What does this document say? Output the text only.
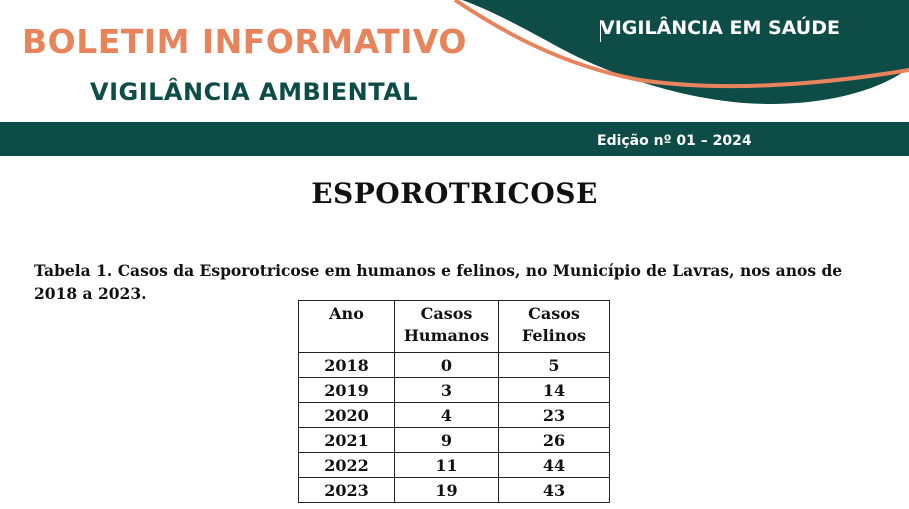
BOLETIM INFORMATIVO
VIGILÂNCIA AMBIENTAL
VIGILÂNCIA EM SAÚDE
Edição nº 01 – 2024
ESPOROTRICOSE
Tabela 1. Casos da Esporotricose em humanos e felinos, no Município de Lavras, nos anos de 2018 a 2023.
Ano	Casos Humanos	Casos Felinos
2018	0	5
2019	3	14
2020	4	23
2021	9	26
2022	11	44
2023	19	43
